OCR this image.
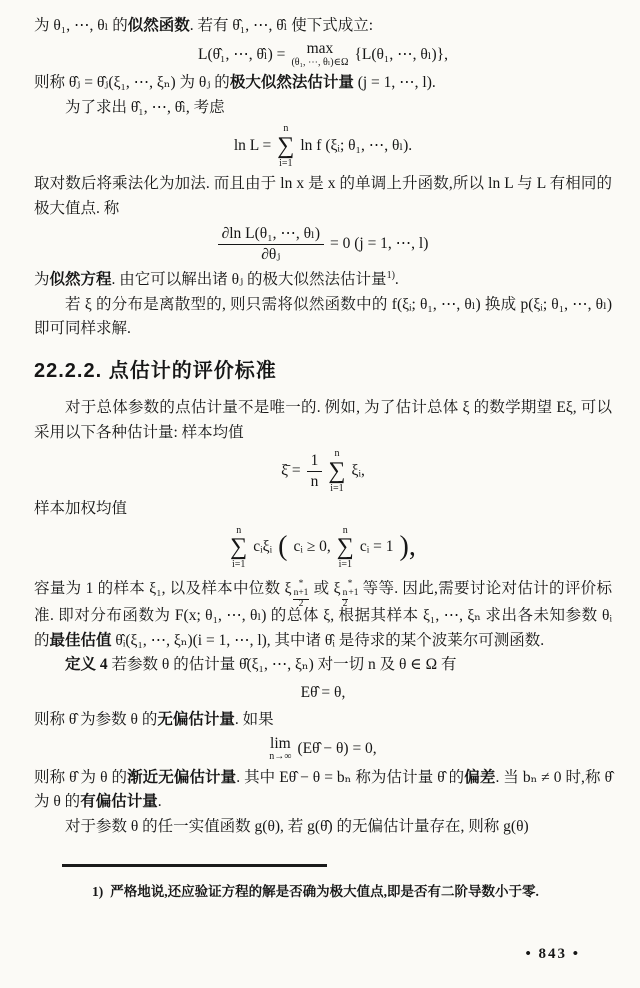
为 θ₁, ⋯, θₗ 的似然函数. 若有 θ̂₁, ⋯, θ̂ₗ 使下式成立:

L(θ̂₁, ⋯, θ̂ₗ) = max
(θ₁, ⋯, θₗ)∈Ω {L(θ₁, ⋯, θₗ)},

则称 θ̂ⱼ = θ̂ⱼ(ξ₁, ⋯, ξₙ) 为 θⱼ 的极大似然法估计量 (j = 1, ⋯, l).

为了求出 θ̂₁, ⋯, θ̂ₗ, 考虑

ln L =
n
∑
i=1
ln f (ξᵢ; θ₁, ⋯, θₗ).

取对数后将乘法化为加法. 而且由于 ln x 是 x 的单调上升函数,所以 ln L 与 L 有相同的极大值点. 称

$\frac{\text{∂ln L(θ₁, ⋯, θₗ)}}{\text{∂θⱼ}} = 0$ (j = 1, ⋯, l)

为似然方程. 由它可以解出诸 θⱼ 的极大似然法估计量$^{1)}$.

若 ξ 的分布是离散型的, 则只需将似然函数中的 f(ξᵢ; θ₁, ⋯, θₗ) 换成 p(ξᵢ; θ₁, ⋯, θₗ) 即可同样求解.

22.2.2. 点估计的评价标准

对于总体参数的点估计量不是唯一的. 例如, 为了估计总体 ξ 的数学期望 Eξ, 可以采用以下各种估计量: 样本均值

ξ̄ = $\frac{1}{n}$ n
∑
i=1
ξᵢ,

样本加权均值

n
∑
i=1
cᵢξᵢ ( cᵢ ≥ 0,
n
∑
i=1
cᵢ = 1 ),

容量为 1 的样本 ξ₁, 以及样本中位数 ξ *
$\frac{n+1}{2}$
或 ξ *
$\frac{n}{2} +1$ 等等. 因此,需要讨论对估计的评价标准. 即对分布函数为 F(x; θ₁, ⋯, θₗ) 的总体 ξ, 根据其样本 ξ₁, ⋯, ξₙ 求出各未知参数 θᵢ 的最佳估值 θ̂ᵢ(ξ₁, ⋯, ξₙ)(i = 1, ⋯, l), 其中诸 θ̂ᵢ 是待求的某个波莱尔可测函数.

定义 4 若参数 θ 的估计量 θ̂(ξ₁, ⋯, ξₙ) 对一切 n 及 θ ∈ Ω 有

Eθ̂ = θ,

则称 θ̂ 为参数 θ 的无偏估计量. 如果

lim
n→∞ (Eθ̂ − θ) = 0,

则称 θ̂ 为 θ 的渐近无偏估计量. 其中 Eθ̂ − θ = bₙ 称为估计量 θ̂ 的偏差. 当 bₙ ≠ 0 时,称 θ̂ 为 θ 的有偏估计量.

对于参数 θ 的任一实值函数 g(θ), 若 g(θ̂) 的无偏估计量存在, 则称 g(θ)

1) 严格地说,还应验证方程的解是否确为极大值点,即是否有二阶导数小于零.

• 843 •
